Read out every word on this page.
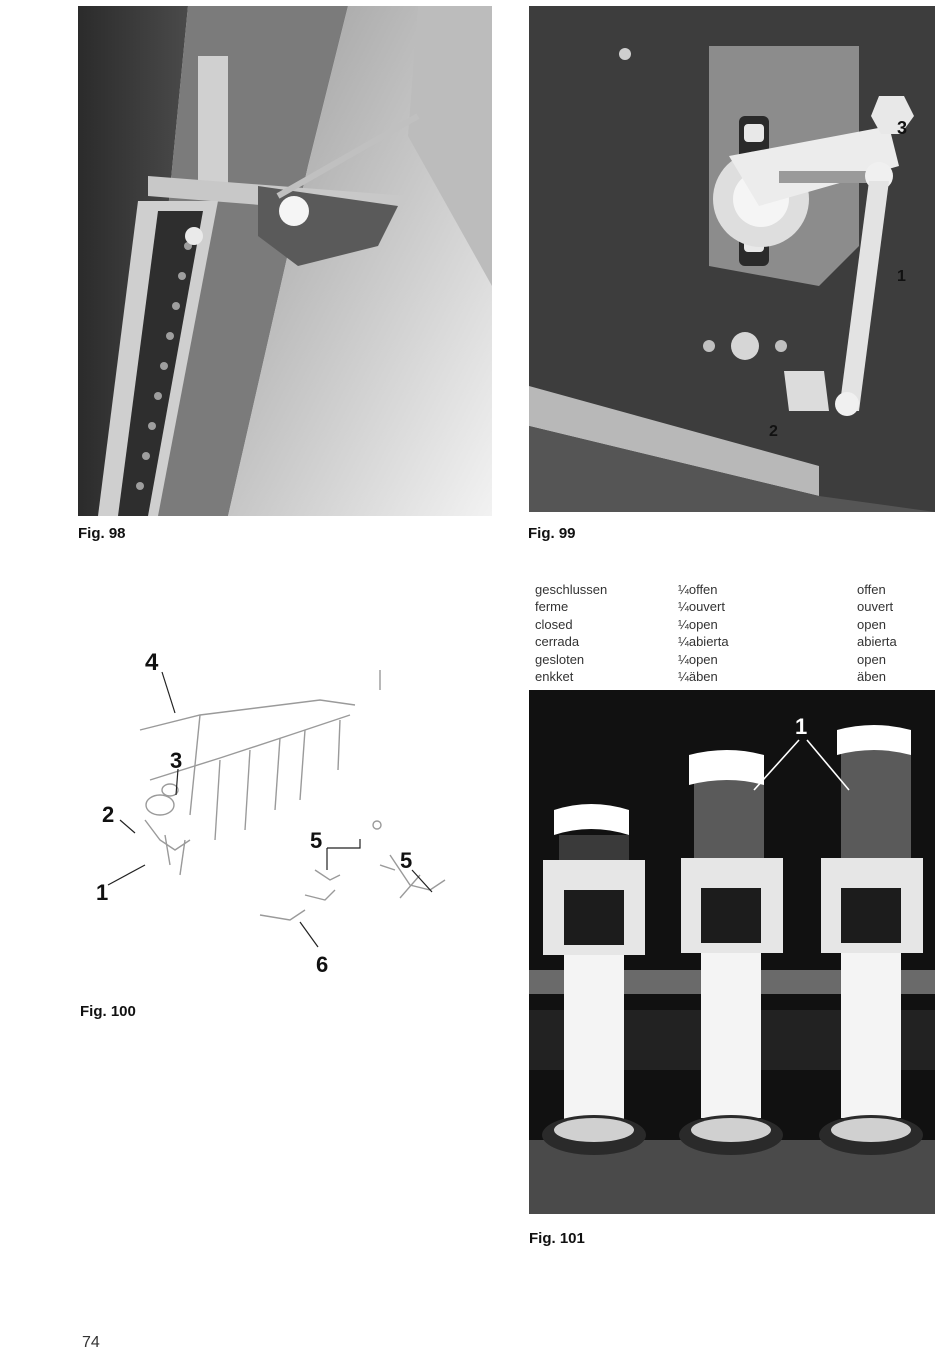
Fig. 98
3
1
2
Fig. 99
4
3
2
1
5
5
6
Fig. 100
geschlussen
ferme
closed
cerrada
gesloten
enkket
¼offen
¼ouvert
¼open
¼abierta
¼open
¼äben
offen
ouvert
open
abierta
open
äben
1
Fig. 101
74
